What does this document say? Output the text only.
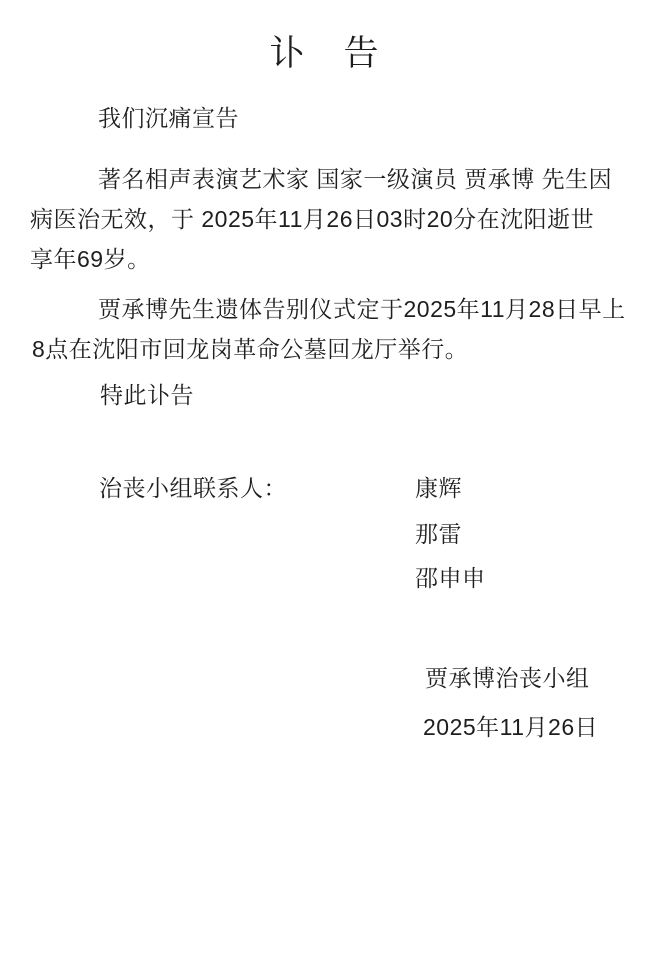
讣　告
我们沉痛宣告
著名相声表演艺术家 国家一级演员 贾承博 先生因
病医治无效，于 2025年11月26日03时20分在沈阳逝世
享年69岁。
贾承博先生遗体告别仪式定于2025年11月28日早上
8点在沈阳市回龙岗革命公墓回龙厅举行。
特此讣告
治丧小组联系人：	康辉
那雷
邵申申
贾承博治丧小组
2025年11月26日
